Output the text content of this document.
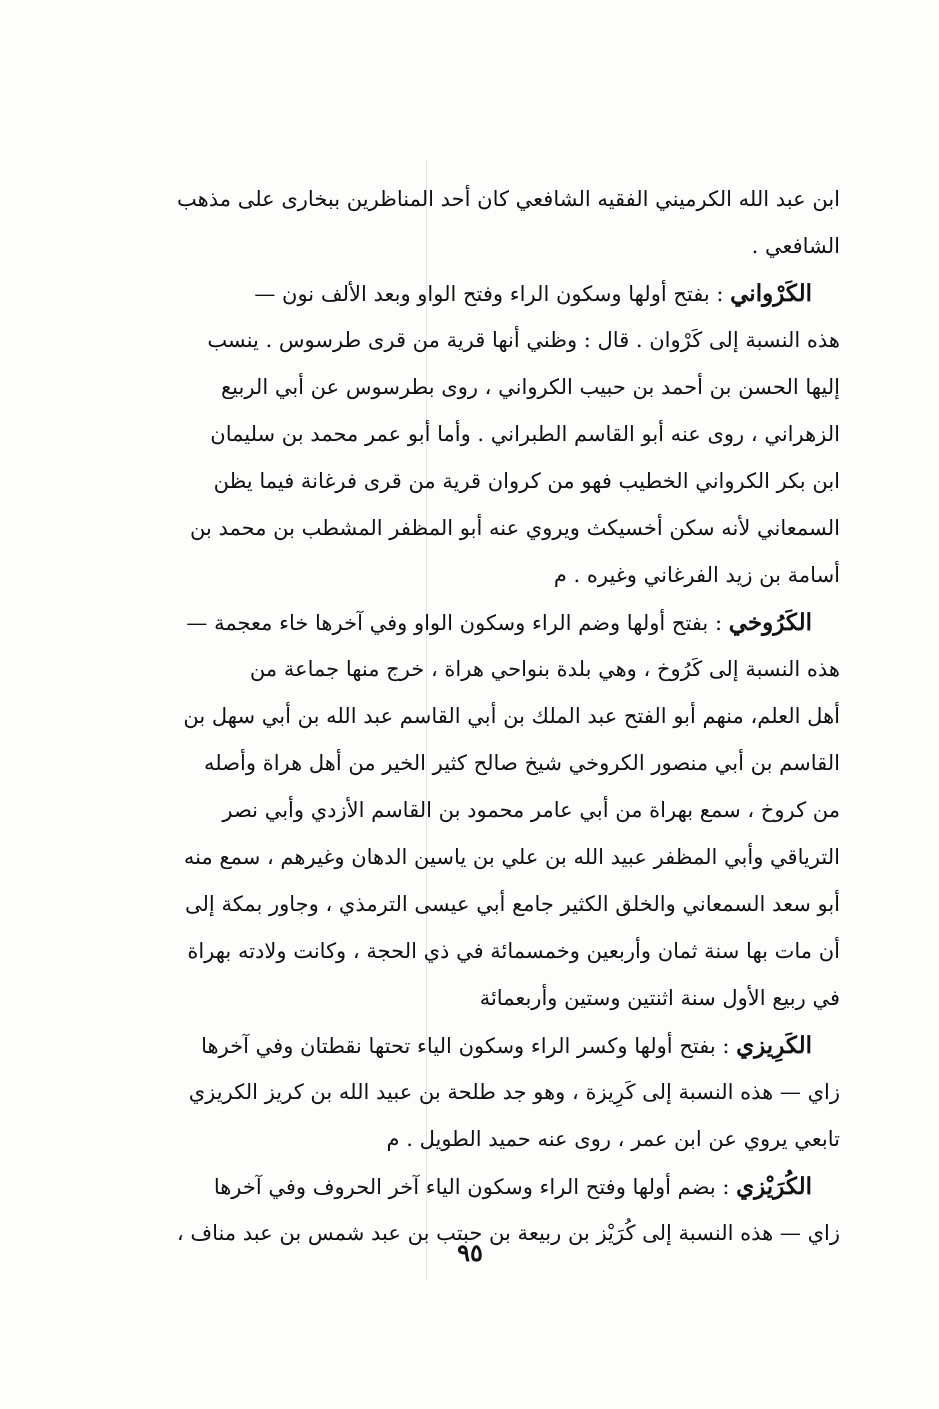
ابن عبد الله الكرميني الفقيه الشافعي كان أحد المناظرين ببخارى على مذهب
الشافعي .
الكَرْواني : بفتح أولها وسكون الراء وفتح الواو وبعد الألف نون —
هذه النسبة إلى كَرْوان . قال : وظني أنها قرية من قرى طرسوس . ينسب
إليها الحسن بن أحمد بن حبيب الكرواني ، روى بطرسوس عن أبي الربيع
الزهراني ، روى عنه أبو القاسم الطبراني . وأما أبو عمر محمد بن سليمان
ابن بكر الكرواني الخطيب فهو من كروان قرية من قرى فرغانة فيما يظن
السمعاني لأنه سكن أخسيكث ويروي عنه أبو المظفر المشطب بن محمد بن
أسامة بن زيد الفرغاني وغيره . م
الكَرُوخي : بفتح أولها وضم الراء وسكون الواو وفي آخرها خاء معجمة —
هذه النسبة إلى كَرُوخ ، وهي بلدة بنواحي هراة ، خرج منها جماعة من
أهل العلم، منهم أبو الفتح عبد الملك بن أبي القاسم عبد الله بن أبي سهل بن
القاسم بن أبي منصور الكروخي شيخ صالح كثير الخير من أهل هراة وأصله
من كروخ ، سمع بهراة من أبي عامر محمود بن القاسم الأزدي وأبي نصر
الترياقي وأبي المظفر عبيد الله بن علي بن ياسين الدهان وغيرهم ، سمع منه
أبو سعد السمعاني والخلق الكثير جامع أبي عيسى الترمذي ، وجاور بمكة إلى
أن مات بها سنة ثمان وأربعين وخمسمائة في ذي الحجة ، وكانت ولادته بهراة
في ربيع الأول سنة اثنتين وستين وأربعمائة
الكَرِيزي : بفتح أولها وكسر الراء وسكون الياء تحتها نقطتان وفي آخرها
زاي — هذه النسبة إلى كَرِيزة ، وهو جد طلحة بن عبيد الله بن كريز الكريزي
تابعي يروي عن ابن عمر ، روى عنه حميد الطويل . م
الكُرَيْزي : بضم أولها وفتح الراء وسكون الياء آخر الحروف وفي آخرها
زاي — هذه النسبة إلى كُرَيْز بن ربيعة بن حبتب بن عبد شمس بن عبد مناف ،
٩٥
